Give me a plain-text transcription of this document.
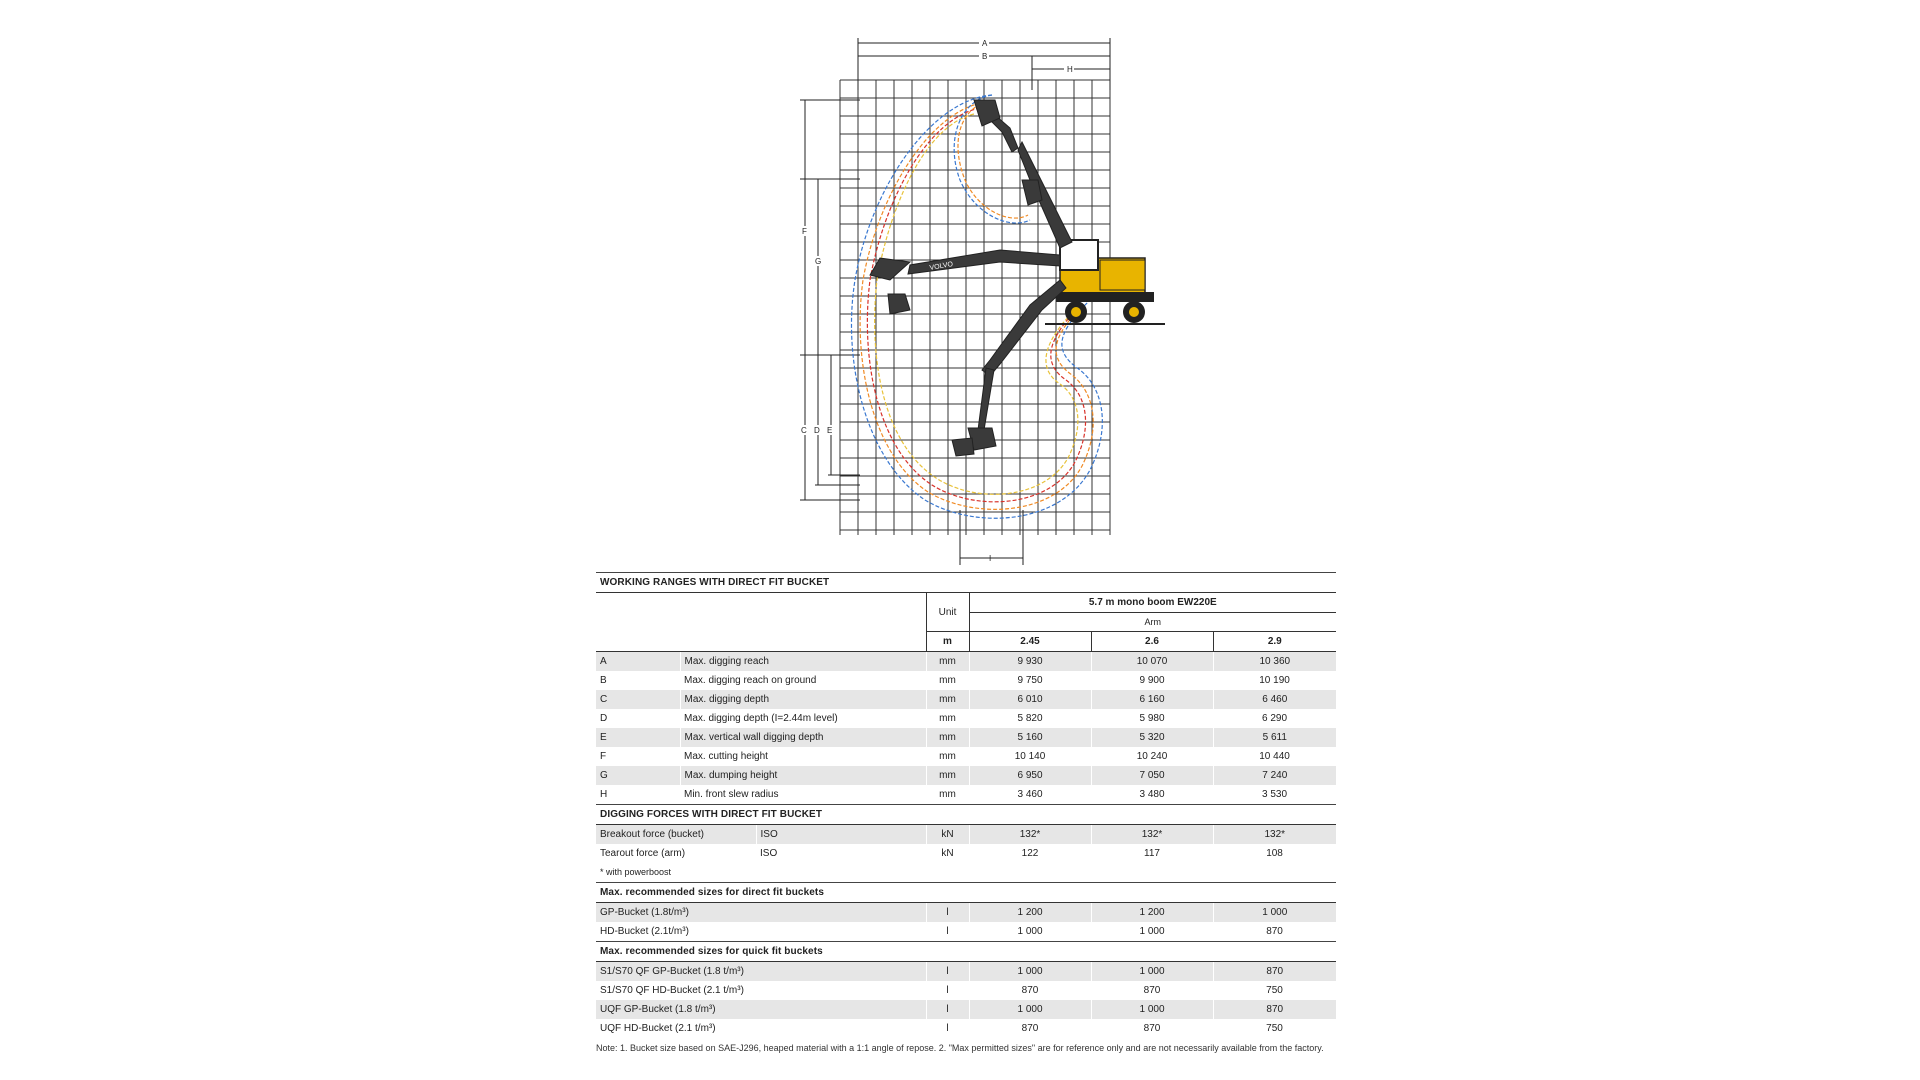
A
B
H
F
G
C D E
I
VOLVO
WORKING RANGES WITH DIRECT FIT BUCKET					
		Unit	5.7 m mono boom EW220E		
			Arm		
		m	2.45	2.6	2.9
A	Max. digging reach	mm	9 930	10 070	10 360
B	Max. digging reach on ground	mm	9 750	9 900	10 190
C	Max. digging depth	mm	6 010	6 160	6 460
D	Max. digging depth (I=2.44m level)	mm	5 820	5 980	6 290
E	Max. vertical wall digging depth	mm	5 160	5 320	5 611
F	Max. cutting height	mm	10 140	10 240	10 440
G	Max. dumping height	mm	6 950	7 050	7 240
H	Min. front slew radius	mm	3 460	3 480	3 530
DIGGING FORCES WITH DIRECT FIT BUCKET					
Breakout force (bucket)	ISO	kN	132*	132*	132*
Tearout force (arm)	ISO	kN	122	117	108
* with powerboost					
Max. recommended sizes for direct fit buckets				
GP-Bucket (1.8t/m³)	l	1 200	1 200	1 000
HD-Bucket (2.1t/m³)	l	1 000	1 000	870
Max. recommended sizes for quick fit buckets				
S1/S70 QF GP-Bucket (1.8 t/m³)	l	1 000	1 000	870
S1/S70 QF HD-Bucket (2.1 t/m³)	l	870	870	750
UQF GP-Bucket (1.8 t/m³)	l	1 000	1 000	870
UQF HD-Bucket (2.1 t/m³)	l	870	870	750
Note: 1. Bucket size based on SAE-J296, heaped material with a 1:1 angle of repose. 2. "Max permitted sizes" are for reference only and are not necessarily available from the factory.
